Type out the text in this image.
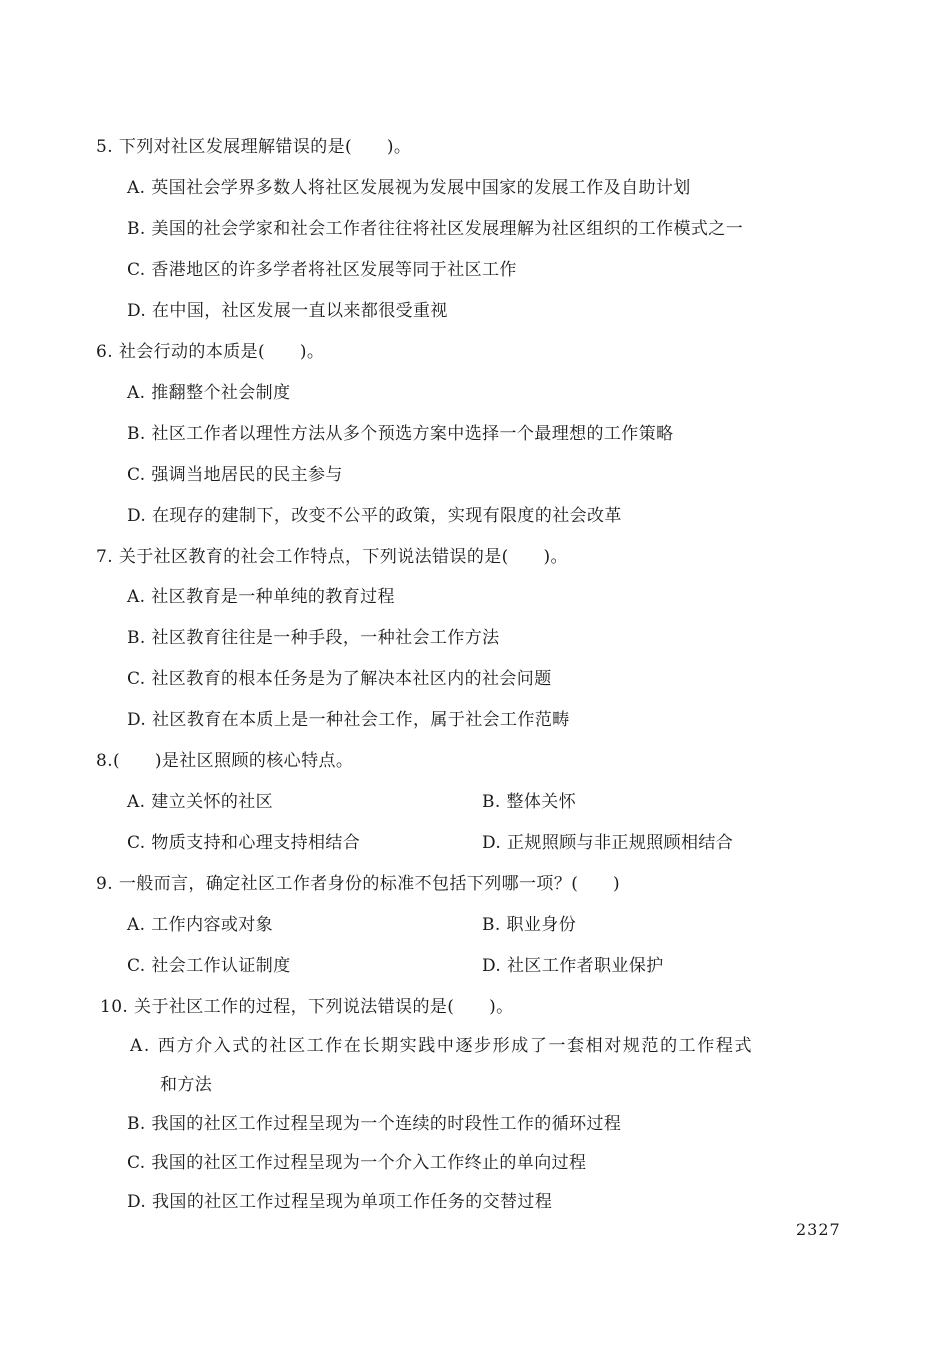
5. 下列对社区发展理解错误的是(　　)。
A. 英国社会学界多数人将社区发展视为发展中国家的发展工作及自助计划
B. 美国的社会学家和社会工作者往往将社区发展理解为社区组织的工作模式之一
C. 香港地区的许多学者将社区发展等同于社区工作
D. 在中国，社区发展一直以来都很受重视
6. 社会行动的本质是(　　)。
A. 推翻整个社会制度
B. 社区工作者以理性方法从多个预选方案中选择一个最理想的工作策略
C. 强调当地居民的民主参与
D. 在现存的建制下，改变不公平的政策，实现有限度的社会改革
7. 关于社区教育的社会工作特点，下列说法错误的是(　　)。
A. 社区教育是一种单纯的教育过程
B. 社区教育往往是一种手段，一种社会工作方法
C. 社区教育的根本任务是为了解决本社区内的社会问题
D. 社区教育在本质上是一种社会工作，属于社会工作范畴
8.(　　)是社区照顾的核心特点。
A. 建立关怀的社区	B. 整体关怀
C. 物质支持和心理支持相结合	D. 正规照顾与非正规照顾相结合
9. 一般而言，确定社区工作者身份的标准不包括下列哪一项？(　　)
A. 工作内容或对象	B. 职业身份
C. 社会工作认证制度	D. 社区工作者职业保护
10. 关于社区工作的过程，下列说法错误的是(　　)。
A. 西方介入式的社区工作在长期实践中逐步形成了一套相对规范的工作程式
和方法
B. 我国的社区工作过程呈现为一个连续的时段性工作的循环过程
C. 我国的社区工作过程呈现为一个介入工作终止的单向过程
D. 我国的社区工作过程呈现为单项工作任务的交替过程
2327
